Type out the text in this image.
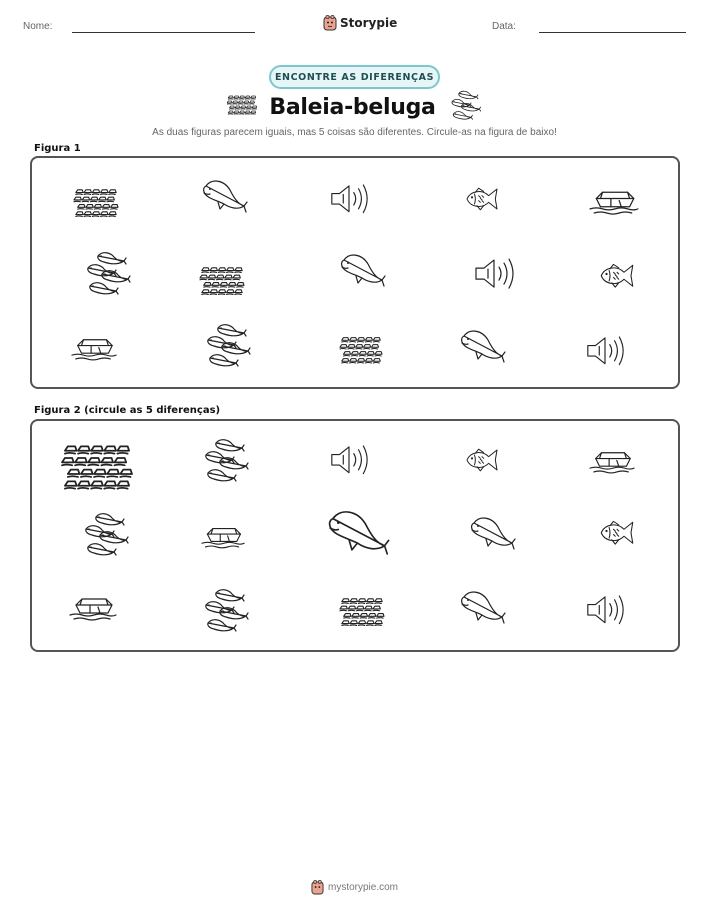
Nome:	Storypie	Data:
ENCONTRE AS DIFERENÇAS
Baleia-beluga
As duas figuras parecem iguais, mas 5 coisas são diferentes. Circule-as na figura de baixo!
Figura 1
Figura 2 (circule as 5 diferenças)
mystorypie.com
